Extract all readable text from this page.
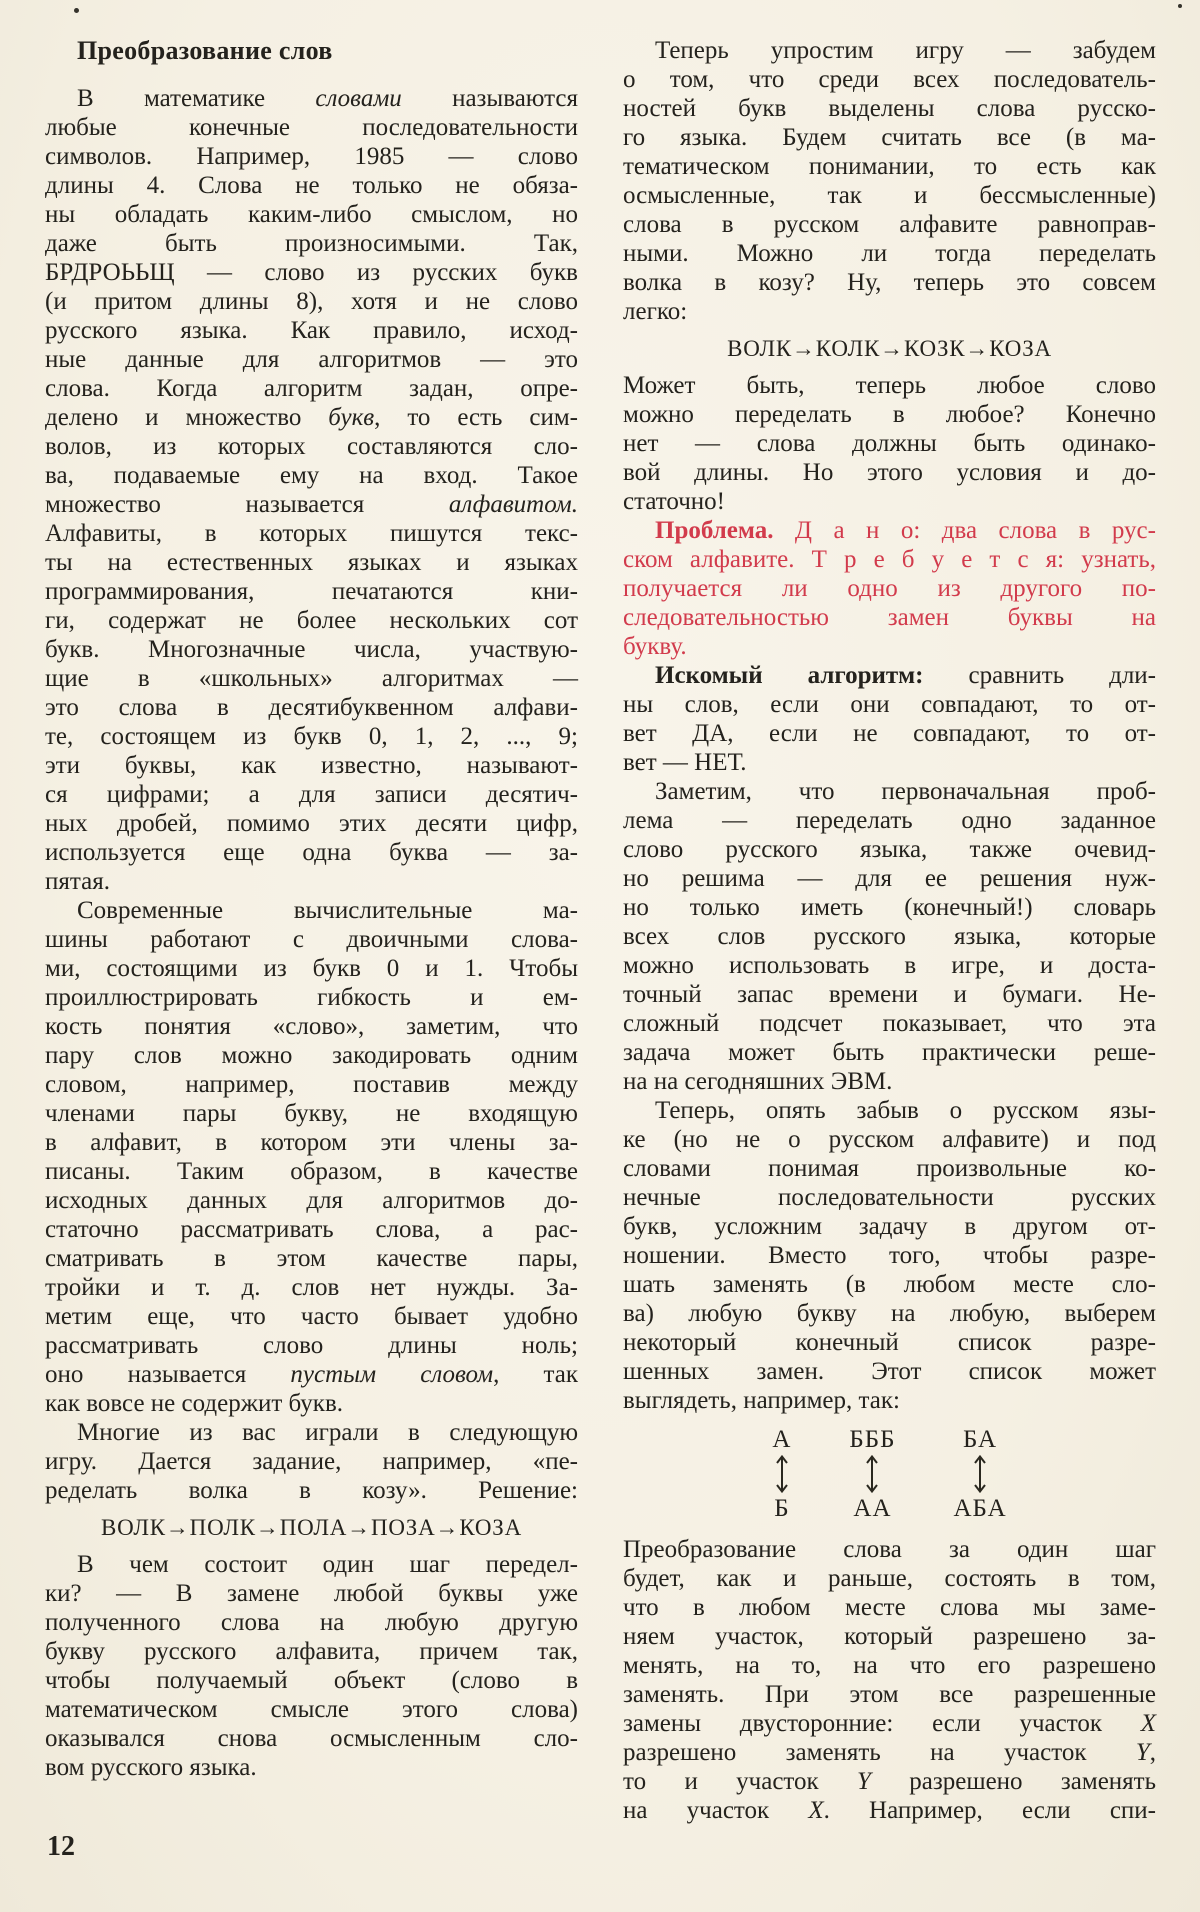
Преобразование слов
В математике словами называются
любые конечные последовательности
символов. Например, 1985 — слово
длины 4. Слова не только не обяза-
ны обладать каким-либо смыслом, но
даже быть произносимыми. Так,
БРДРОЬЬЩ — слово из русских букв
(и притом длины 8), хотя и не слово
русского языка. Как правило, исход-
ные данные для алгоритмов — это
слова. Когда алгоритм задан, опре-
делено и множество букв, то есть сим-
волов, из которых составляются сло-
ва, подаваемые ему на вход. Такое
множество называется алфавитом.
Алфавиты, в которых пишутся текс-
ты на естественных языках и языках
программирования, печатаются кни-
ги, содержат не более нескольких сот
букв. Многозначные числа, участвую-
щие в «школьных» алгоритмах —
это слова в десятибуквенном алфави-
те, состоящем из букв 0, 1, 2, ..., 9;
эти буквы, как известно, называют-
ся цифрами; а для записи десятич-
ных дробей, помимо этих десяти цифр,
используется еще одна буква — за-
пятая.
Современные вычислительные ма-
шины работают с двоичными слова-
ми, состоящими из букв 0 и 1. Чтобы
проиллюстрировать гибкость и ем-
кость понятия «слово», заметим, что
пару слов можно закодировать одним
словом, например, поставив между
членами пары букву, не входящую
в алфавит, в котором эти члены за-
писаны. Таким образом, в качестве
исходных данных для алгоритмов до-
статочно рассматривать слова, а рас-
сматривать в этом качестве пары,
тройки и т. д. слов нет нужды. За-
метим еще, что часто бывает удобно
рассматривать слово длины ноль;
оно называется пустым словом, так
как вовсе не содержит букв.
Многие из вас играли в следующую
игру. Дается задание, например, «пе-
ределать волка в козу». Решение:
ВОЛК→ПОЛК→ПОЛА→ПОЗА→КОЗА
В чем состоит один шаг передел-
ки? — В замене любой буквы уже
полученного слова на любую другую
букву русского алфавита, причем так,
чтобы получаемый объект (слово в
математическом смысле этого слова)
оказывался снова осмысленным сло-
вом русского языка.
Теперь упростим игру — забудем
о том, что среди всех последователь-
ностей букв выделены слова русско-
го языка. Будем считать все (в ма-
тематическом понимании, то есть как
осмысленные, так и бессмысленные)
слова в русском алфавите равноправ-
ными. Можно ли тогда переделать
волка в козу? Ну, теперь это совсем
легко:
ВОЛК→КОЛК→КОЗК→КОЗА
Может быть, теперь любое слово
можно переделать в любое? Конечно
нет — слова должны быть одинако-
вой длины. Но этого условия и до-
статочно!
Проблема. Д а н о: два слова в рус-
ском алфавите. Т р е б у е т с я: узнать,
получается ли одно из другого по-
следовательностью замен буквы на
букву.
Искомый алгоритм: сравнить дли-
ны слов, если они совпадают, то от-
вет ДА, если не совпадают, то от-
вет — НЕТ.
Заметим, что первоначальная проб-
лема — переделать одно заданное
слово русского языка, также очевид-
но решима — для ее решения нуж-
но только иметь (конечный!) словарь
всех слов русского языка, которые
можно использовать в игре, и доста-
точный запас времени и бумаги. Не-
сложный подсчет показывает, что эта
задача может быть практически реше-
на на сегодняшних ЭВМ.
Теперь, опять забыв о русском язы-
ке (но не о русском алфавите) и под
словами понимая произвольные ко-
нечные последовательности русских
букв, усложним задачу в другом от-
ношении. Вместо того, чтобы разре-
шать заменять (в любом месте сло-
ва) любую букву на любую, выберем
некоторый конечный список разре-
шенных замен. Этот список может
выглядеть, например, так:
А
Б
БББ
АА
БА
АБА
Преобразование слова за один шаг
будет, как и раньше, состоять в том,
что в любом месте слова мы заме-
няем участок, который разрешено за-
менять, на то, на что его разрешено
заменять. При этом все разрешенные
замены двусторонние: если участок X
разрешено заменять на участок Y,
то и участок Y разрешено заменять
на участок X. Например, если спи-
12
